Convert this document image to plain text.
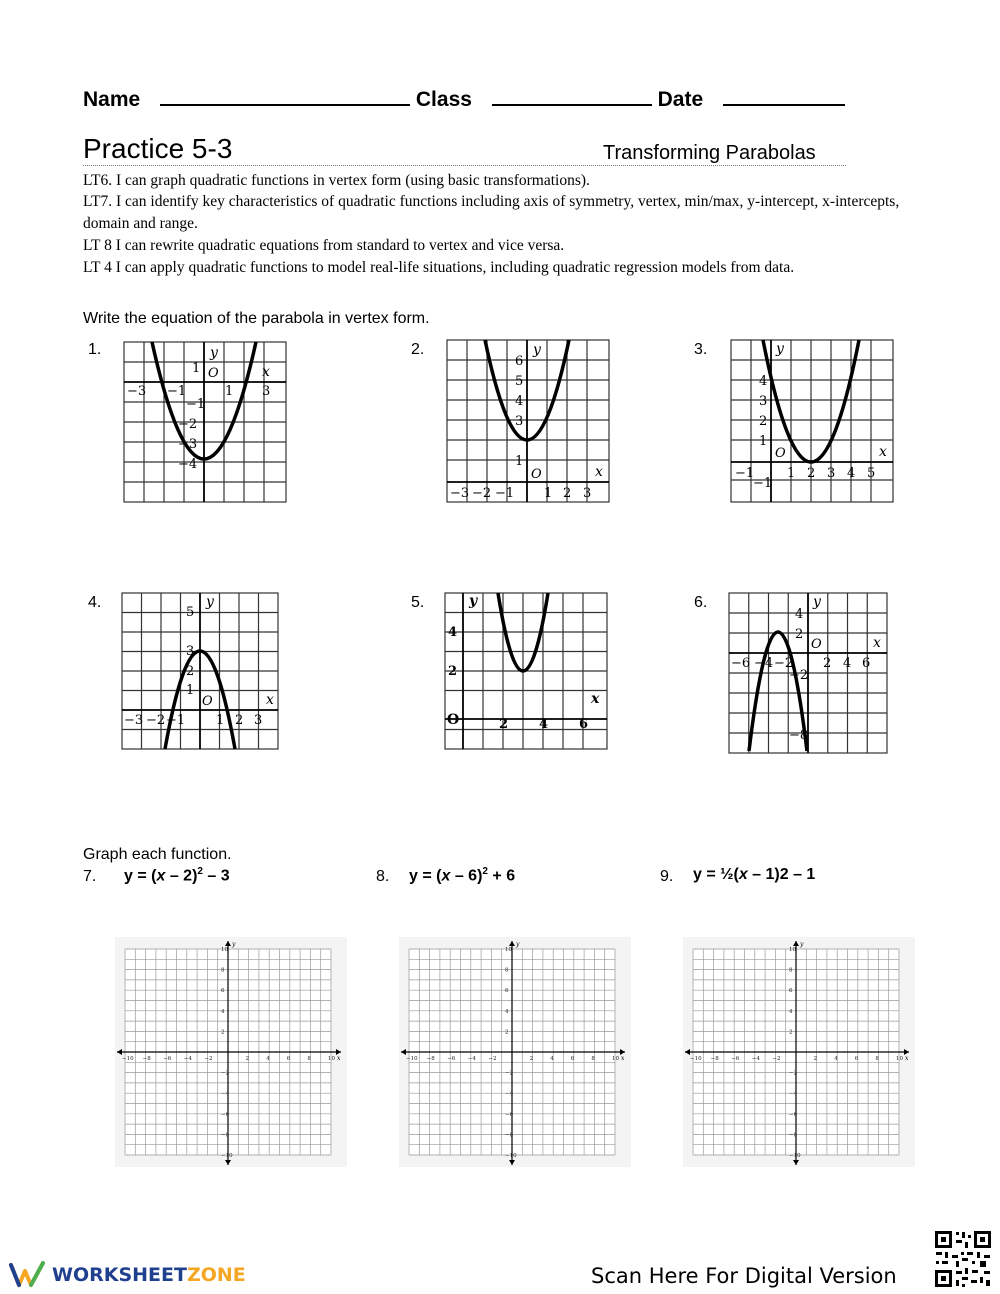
Name	Class	Date
Practice 5-3	Transforming Parabolas
LT6. I can graph quadratic functions in vertex form (using basic transformations).
LT7. I can identify key characteristics of quadratic functions including axis of symmetry, vertex, min/max, y-intercept, x-intercepts, domain and range.
LT 8 I can rewrite quadratic equations from standard to vertex and vice versa.
LT 4 I can apply quadratic functions to model real-life situations, including quadratic regression models from data.
Write the equation of the parabola in vertex form.
1.	2.	3.
4.	5.	6.
x
y
O
−3 −1	1 3
1
−1
−2
−3
−4	x
y
O
−3 −2 −1 1 2 3
6
5
4
3
1
x
y
O
−1	1 2 3 4 5
4
3
2
1
−1
x
y
O
−3 −2 −1 1 2 3
5
3
2
1
x
y
O	2 4 6
4
2
x
y
O
−6 −4 −2 2 4 6
4
2
−2
−8
Graph each function.
7. y = (x – 2)$^2$ – 3	8. y = (x – 6)$^2$ + 6	9. y = ½(x – 1)2 – 1
−10 −8 −6 −4 −2	2	4	6	8	10
10
8
6
4
2
−2
−4
−6
−8
−10
x
y
−10 −8 −6 −4 −2	2	4	6	8	10
10
8
6
4
2
−2
−4
−6
−8
−10
x
y
−10 −8 −6 −4 −2	2	4	6	8	10
10
8
6
4
2
−2
−4
−6
−8
−10
x
y
WORKSHEETZONE	Scan Here For Digital Version
